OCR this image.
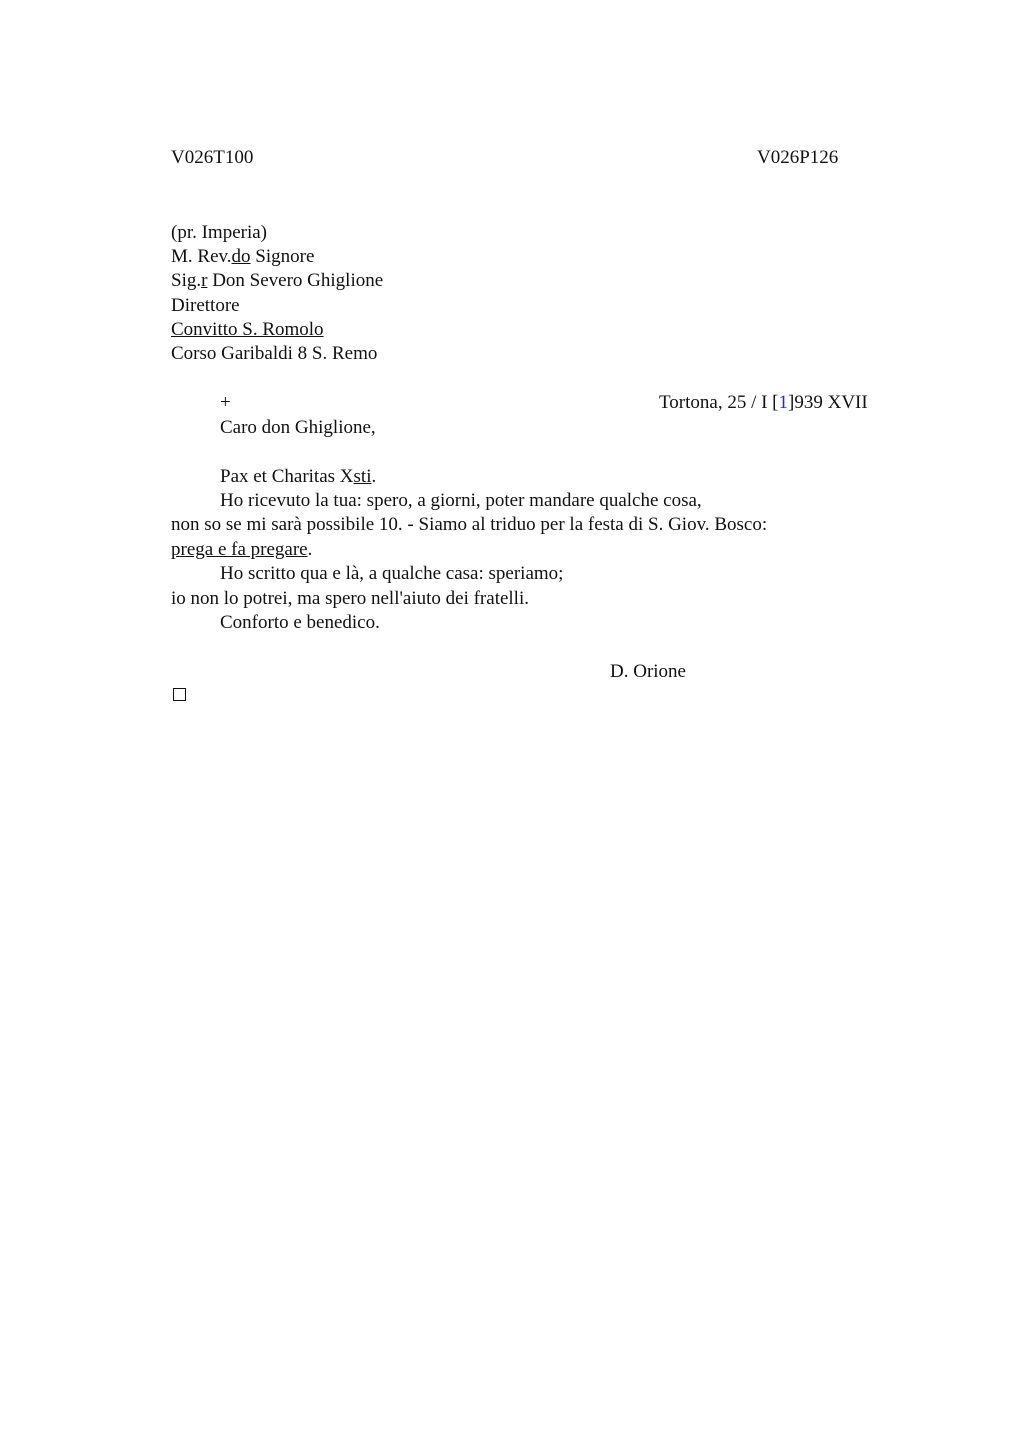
V026T100	V026P126
(pr. Imperia)
M. Rev.do Signore
Sig.r Don Severo Ghiglione
Direttore
Convitto S. Romolo
Corso Garibaldi 8 S. Remo
+	Tortona, 25 / I [1]939 XVII
Caro don Ghiglione,
Pax et Charitas Xsti.
Ho ricevuto la tua: spero, a giorni, poter mandare qualche cosa,
non so se mi sarà possibile 10. - Siamo al triduo per la festa di S. Giov. Bosco:
prega e fa pregare.
Ho scritto qua e là, a qualche casa: speriamo;
io non lo potrei, ma spero nell'aiuto dei fratelli.
Conforto e benedico.
D. Orione
